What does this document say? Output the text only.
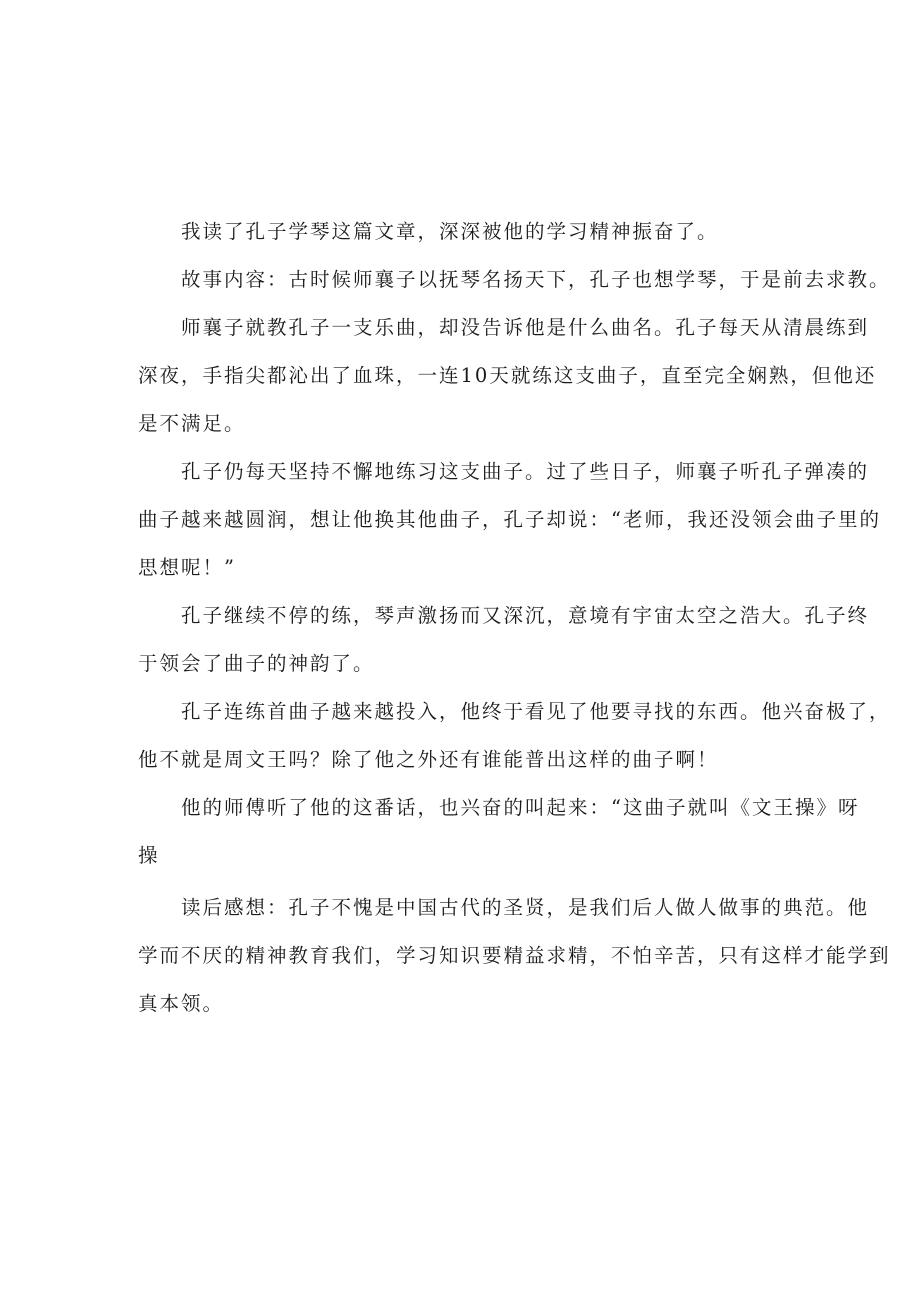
我读了孔子学琴这篇文章，深深被他的学习精神振奋了。

故事内容：古时候师襄子以抚琴名扬天下，孔子也想学琴，于是前去求教。

师襄子就教孔子一支乐曲，却没告诉他是什么曲名。孔子每天从清晨练到
深夜，手指尖都沁出了血珠，一连10天就练这支曲子，直至完全娴熟，但他还
是不满足。

孔子仍每天坚持不懈地练习这支曲子。过了些日子，师襄子听孔子弹凑的
曲子越来越圆润，想让他换其他曲子，孔子却说：“老师，我还没领会曲子里的
思想呢！”

孔子继续不停的练，琴声激扬而又深沉，意境有宇宙太空之浩大。孔子终
于领会了曲子的神韵了。

孔子连练首曲子越来越投入，他终于看见了他要寻找的东西。他兴奋极了，
他不就是周文王吗？除了他之外还有谁能普出这样的曲子啊！

他的师傅听了他的这番话，也兴奋的叫起来：“这曲子就叫《文王操》呀
操

读后感想：孔子不愧是中国古代的圣贤，是我们后人做人做事的典范。他
学而不厌的精神教育我们，学习知识要精益求精，不怕辛苦，只有这样才能学到
真本领。
